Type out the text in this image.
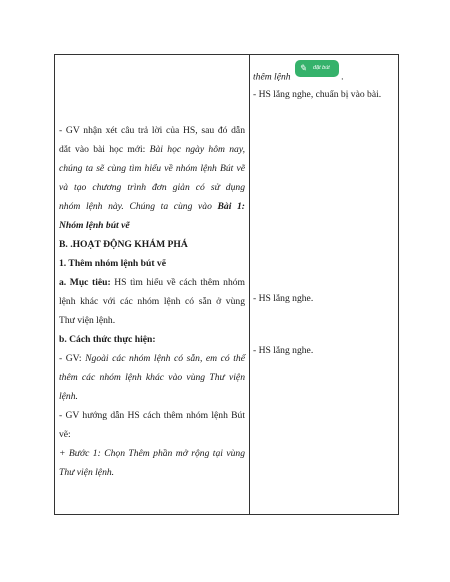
thêm lệnh
✎ đặt bút
.
- HS lắng nghe, chuẩn bị vào bài.
- HS lắng nghe.
- HS lắng nghe.
- GV nhận xét câu trả lời của HS, sau đó dẫn
dắt vào bài học mới: Bài học ngày hôm nay,
chúng ta sẽ cùng tìm hiểu về nhóm lệnh Bút vẽ
và tạo chương trình đơn giản có sử dụng
nhóm lệnh này. Chúng ta cùng vào Bài 1:
Nhóm lệnh bút vẽ
B. .HOẠT ĐỘNG KHÁM PHÁ
1. Thêm nhóm lệnh bút vẽ
a. Mục tiêu: HS tìm hiểu về cách thêm nhóm
lệnh khác với các nhóm lệnh có sẵn ở vùng
Thư viện lệnh.
b. Cách thức thực hiện:
- GV: Ngoài các nhóm lệnh có sẵn, em có thể
thêm các nhóm lệnh khác vào vùng Thư viện
lệnh.
- GV hướng dẫn HS cách thêm nhóm lệnh Bút
vẽ:
+ Bước 1: Chọn Thêm phần mở rộng tại vùng
Thư viện lệnh.
